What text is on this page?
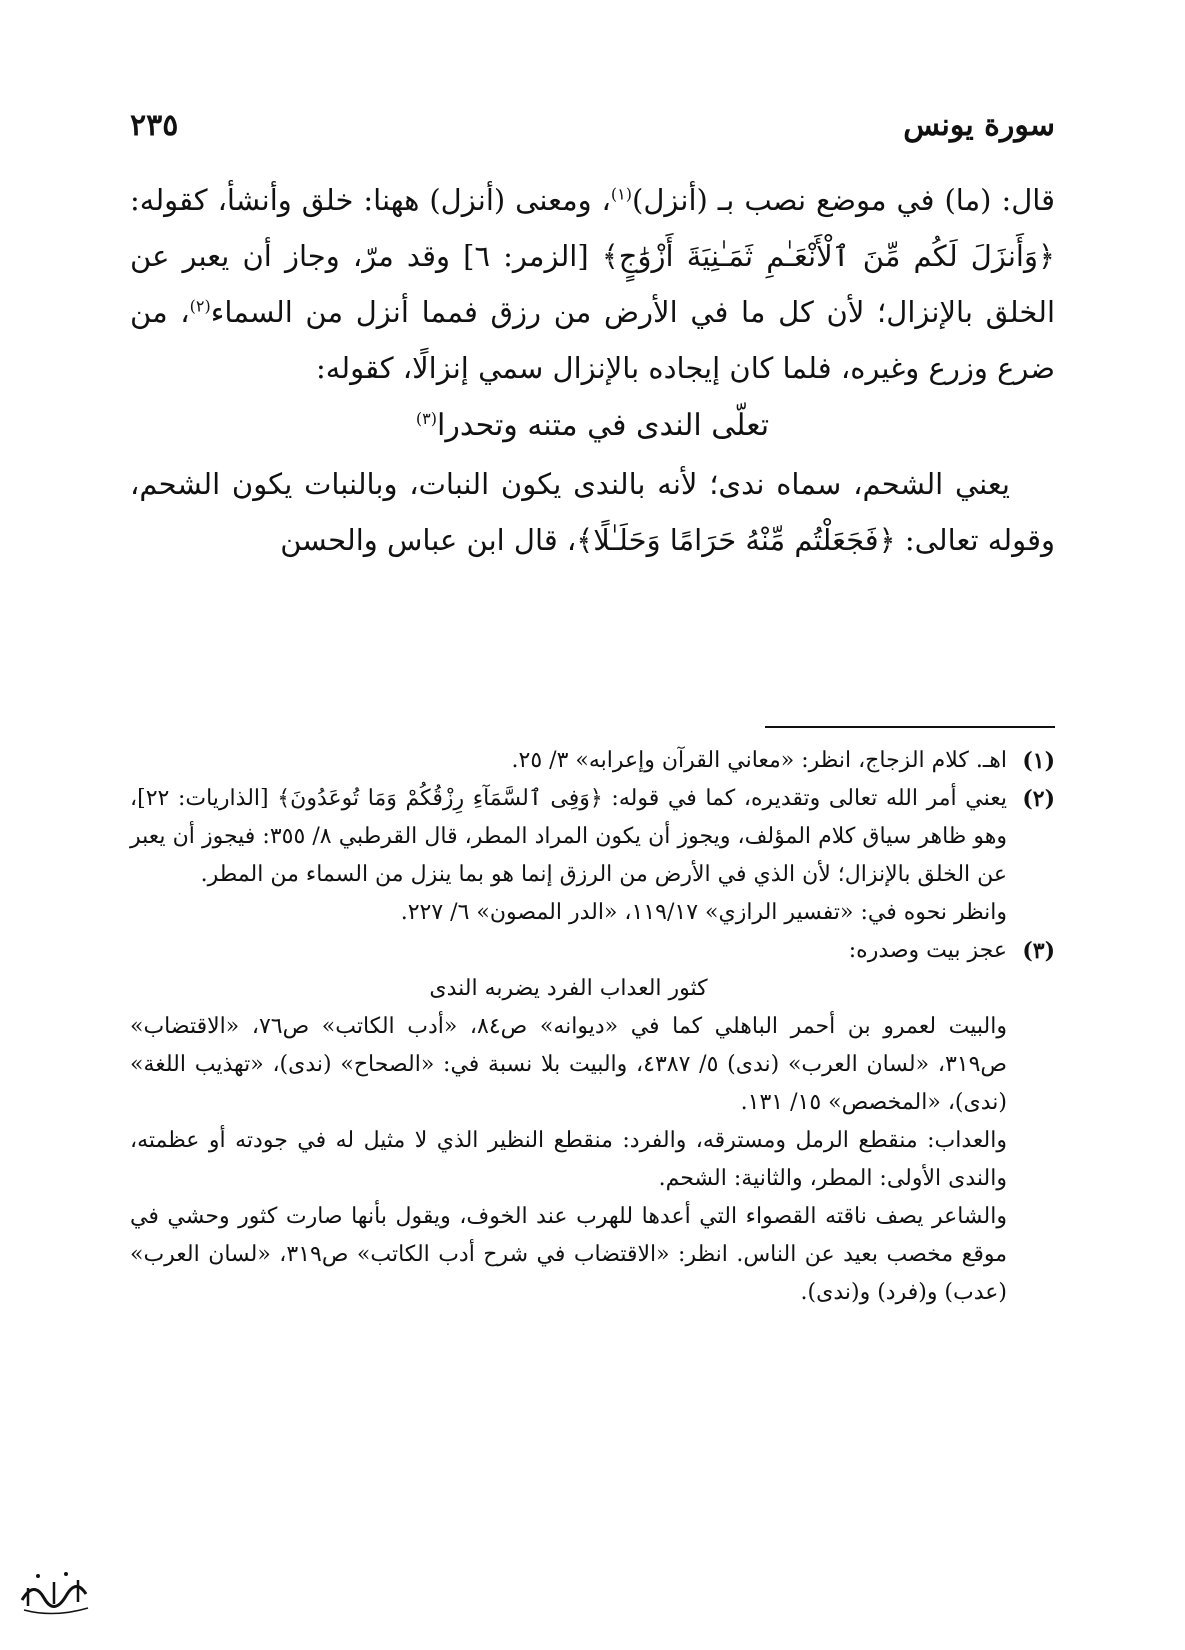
سورة يونس
٢٣٥

قال: (ما) في موضع نصب بـ (أنزل)$^{(١)}$، ومعنى (أنزل) ههنا: خلق وأنشأ، كقوله: ﴿وَأَنزَلَ لَكُم مِّنَ ٱلْأَنْعَـٰمِ ثَمَـٰنِيَةَ أَزْوَٰجٍ﴾ [الزمر: ٦] وقد مرّ، وجاز أن يعبر عن الخلق بالإنزال؛ لأن كل ما في الأرض من رزق فمما أنزل من السماء$^{(٢)}$، من ضرع وزرع وغيره، فلما كان إيجاده بالإنزال سمي إنزالًا، كقوله:

تعلّى الندى في متنه وتحدرا$^{(٣)}$

يعني الشحم، سماه ندى؛ لأنه بالندى يكون النبات، وبالنبات يكون الشحم، وقوله تعالى: ﴿فَجَعَلْتُم مِّنْهُ حَرَامًا وَحَلَـٰلًا﴾، قال ابن عباس والحسن

(١)

اهـ. كلام الزجاج، انظر: «معاني القرآن وإعرابه» ٣/ ٢٥.

(٢)

يعني أمر الله تعالى وتقديره، كما في قوله: ﴿وَفِى ٱلسَّمَآءِ رِزْقُكُمْ وَمَا تُوعَدُونَ﴾ [الذاريات: ٢٢]، وهو ظاهر سياق كلام المؤلف، ويجوز أن يكون المراد المطر، قال القرطبي ٨/ ٣٥٥: فيجوز أن يعبر عن الخلق بالإنزال؛ لأن الذي في الأرض من الرزق إنما هو بما ينزل من السماء من المطر.

وانظر نحوه في: «تفسير الرازي» ١١٩/١٧، «الدر المصون» ٦/ ٢٢٧.

(٣)

عجز بيت وصدره:

كثور العداب الفرد يضربه الندى

والبيت لعمرو بن أحمر الباهلي كما في «ديوانه» ص٨٤، «أدب الكاتب» ص٧٦، «الاقتضاب» ص٣١٩، «لسان العرب» (ندى) ٥/ ٤٣٨٧، والبيت بلا نسبة في: «الصحاح» (ندى)، «تهذيب اللغة» (ندى)، «المخصص» ١٥/ ١٣١.

والعداب: منقطع الرمل ومسترقه، والفرد: منقطع النظير الذي لا مثيل له في جودته أو عظمته، والندى الأولى: المطر، والثانية: الشحم.

والشاعر يصف ناقته القصواء التي أعدها للهرب عند الخوف، ويقول بأنها صارت كثور وحشي في موقع مخصب بعيد عن الناس. انظر: «الاقتضاب في شرح أدب الكاتب» ص٣١٩، «لسان العرب» (عدب) و(فرد) و(ندى).
